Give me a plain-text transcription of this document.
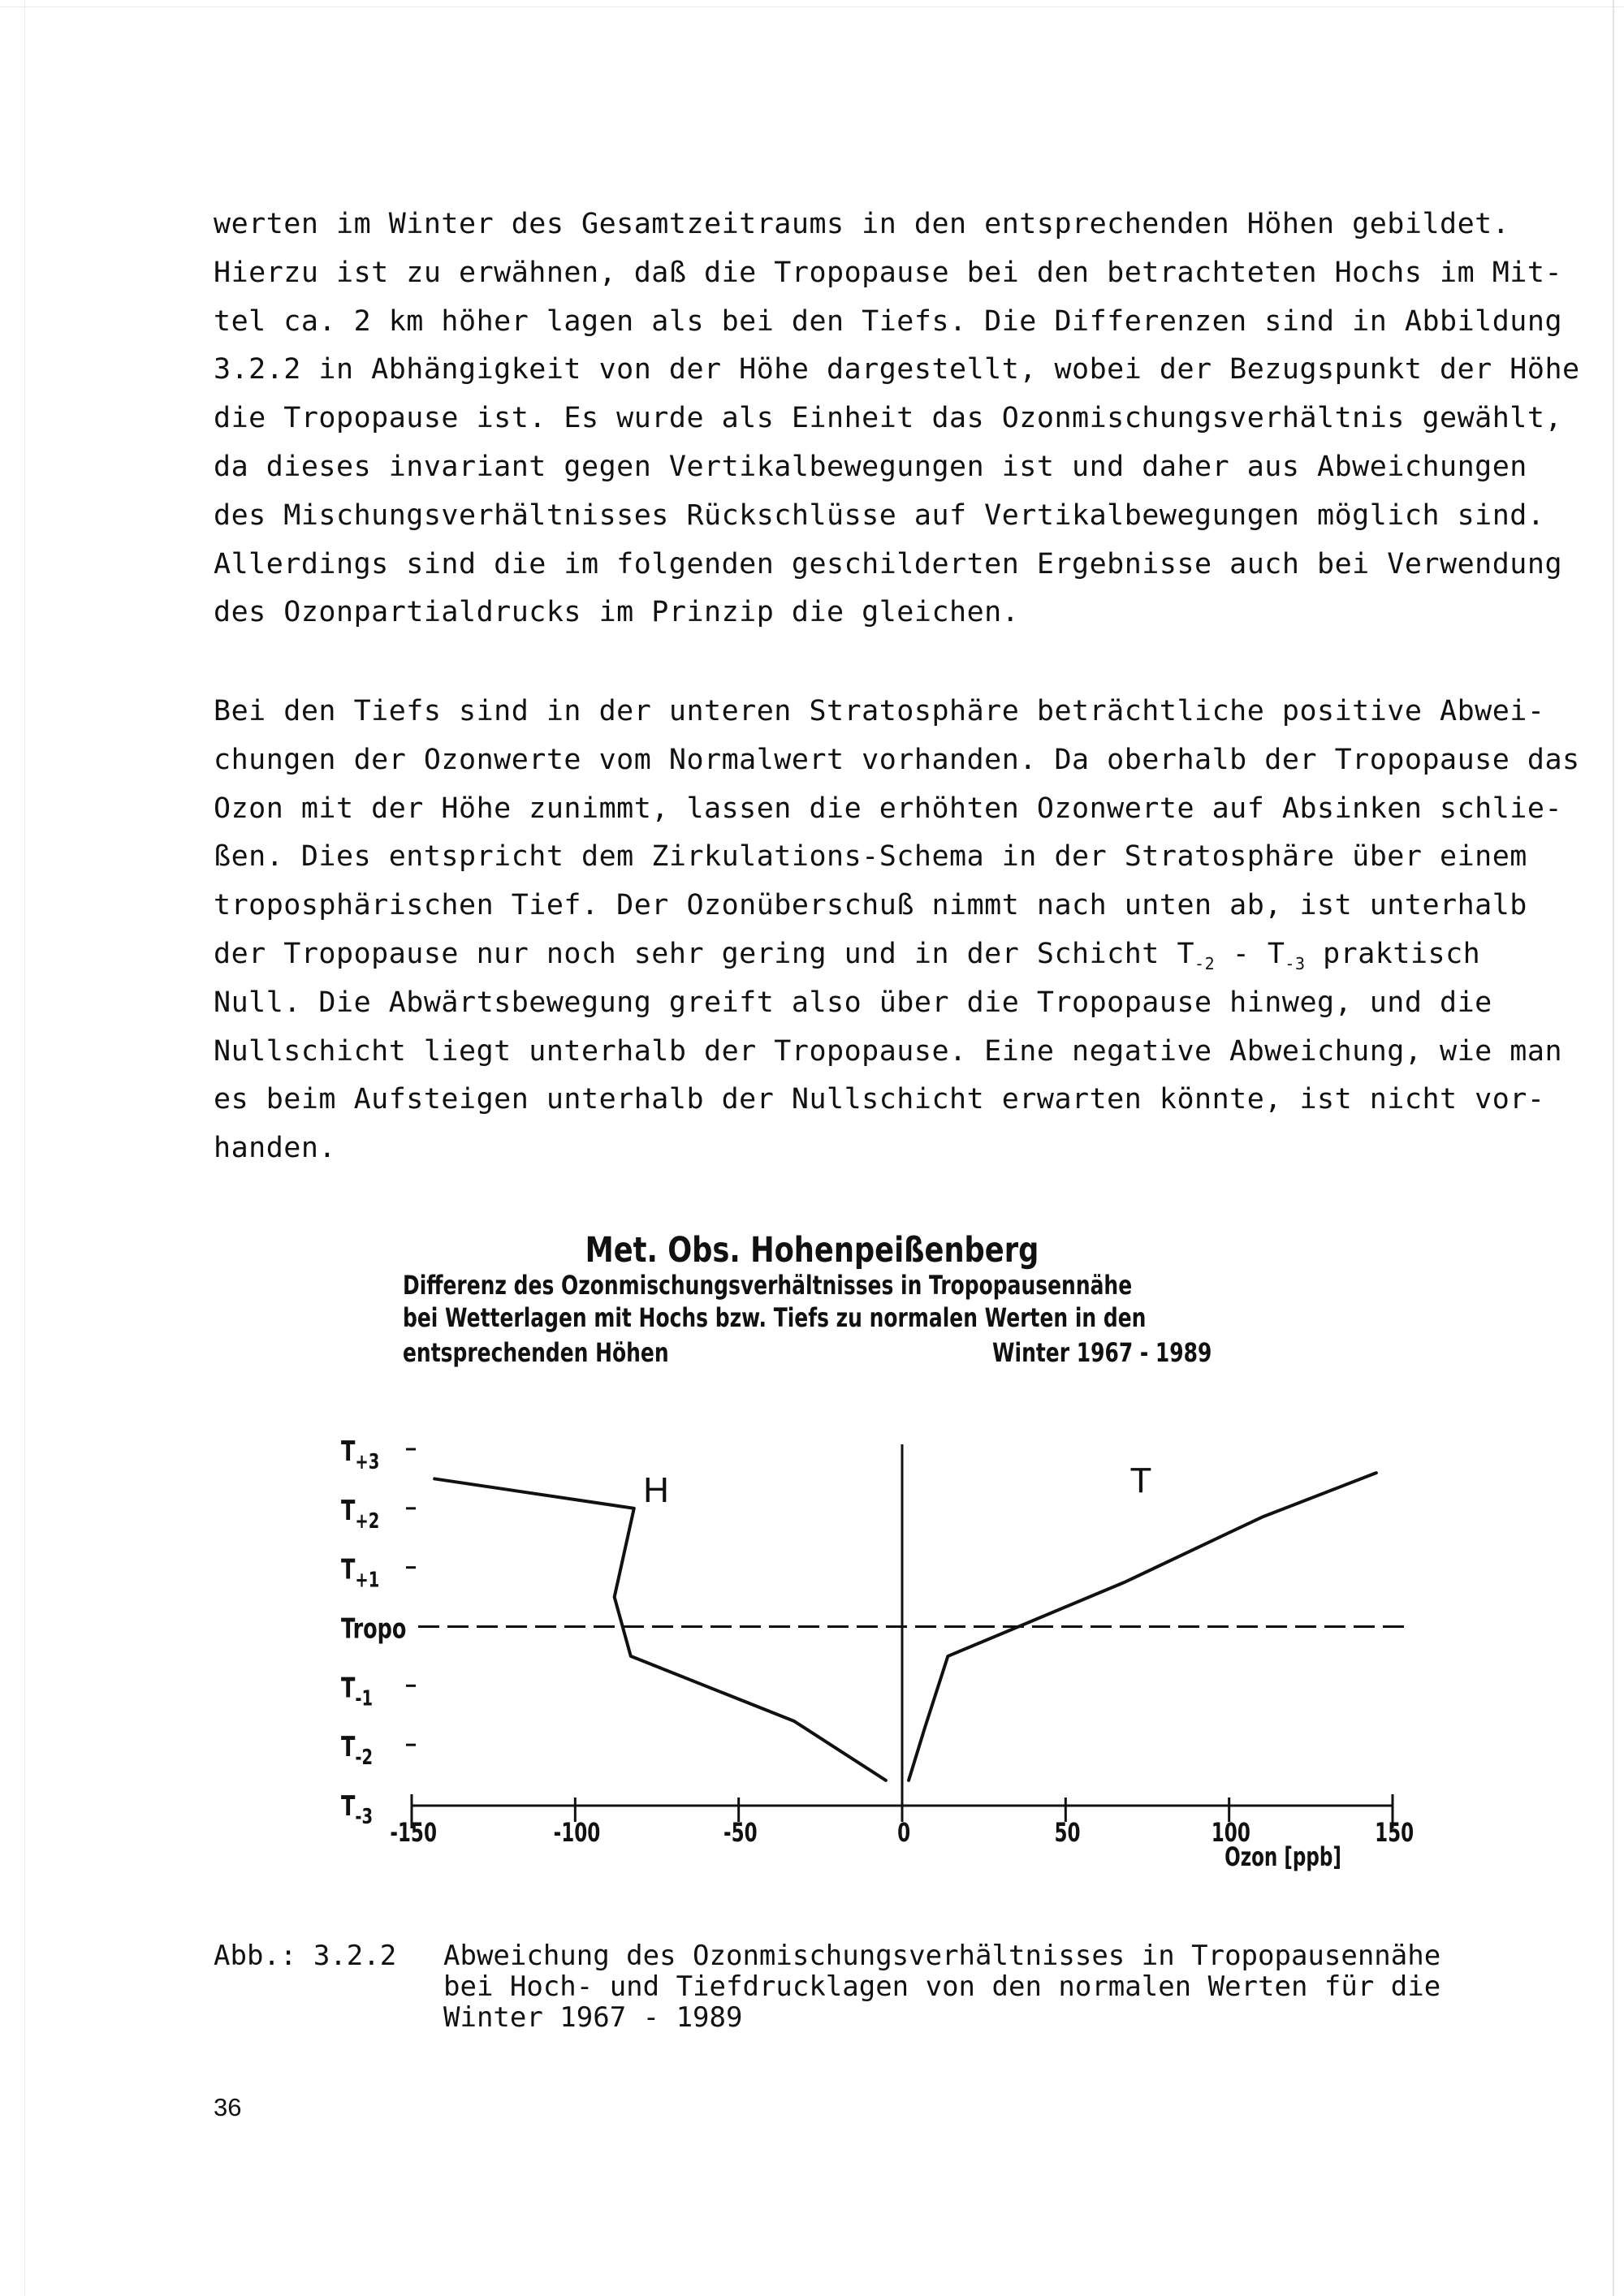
werten im Winter des Gesamtzeitraums in den entsprechenden Höhen gebildet.
Hierzu ist zu erwähnen, daß die Tropopause bei den betrachteten Hochs im Mit-
tel ca. 2 km höher lagen als bei den Tiefs. Die Differenzen sind in Abbildung
3.2.2 in Abhängigkeit von der Höhe dargestellt, wobei der Bezugspunkt der Höhe
die Tropopause ist. Es wurde als Einheit das Ozonmischungsverhältnis gewählt,
da dieses invariant gegen Vertikalbewegungen ist und daher aus Abweichungen
des Mischungsverhältnisses Rückschlüsse auf Vertikalbewegungen möglich sind.
Allerdings sind die im folgenden geschilderten Ergebnisse auch bei Verwendung
des Ozonpartialdrucks im Prinzip die gleichen.
Bei den Tiefs sind in der unteren Stratosphäre beträchtliche positive Abwei-
chungen der Ozonwerte vom Normalwert vorhanden. Da oberhalb der Tropopause das
Ozon mit der Höhe zunimmt, lassen die erhöhten Ozonwerte auf Absinken schlie-
ßen. Dies entspricht dem Zirkulations-Schema in der Stratosphäre über einem
troposphärischen Tief. Der Ozonüberschuß nimmt nach unten ab, ist unterhalb
der Tropopause nur noch sehr gering und in der Schicht $T_{-2} - T_{-3}$ praktisch
Null. Die Abwärtsbewegung greift also über die Tropopause hinweg, und die
Nullschicht liegt unterhalb der Tropopause. Eine negative Abweichung, wie man
es beim Aufsteigen unterhalb der Nullschicht erwarten könnte, ist nicht vor-
handen.
Met. Obs. Hohenpeißenberg
Differenz des Ozonmischungsverhältnisses in Tropopausennähe
bei Wetterlagen mit Hochs bzw. Tiefs zu normalen Werten in den
entsprechenden Höhen	Winter 1967 - 1989
-150	-100	-50	0	50	100	150
Ozon [ppb]
$T_{-3}$
$T_{-2}$
$T_{-1}$
Tropo
$T_{+1}$
$T_{+2}$
$T_{+3}$
H	T
Abb.: 3.2.2 Abweichung des Ozonmischungsverhältnisses in Tropopausennähe bei Hoch- und Tiefdrucklagen von den normalen Werten für die Winter 1967 - 1989
36
